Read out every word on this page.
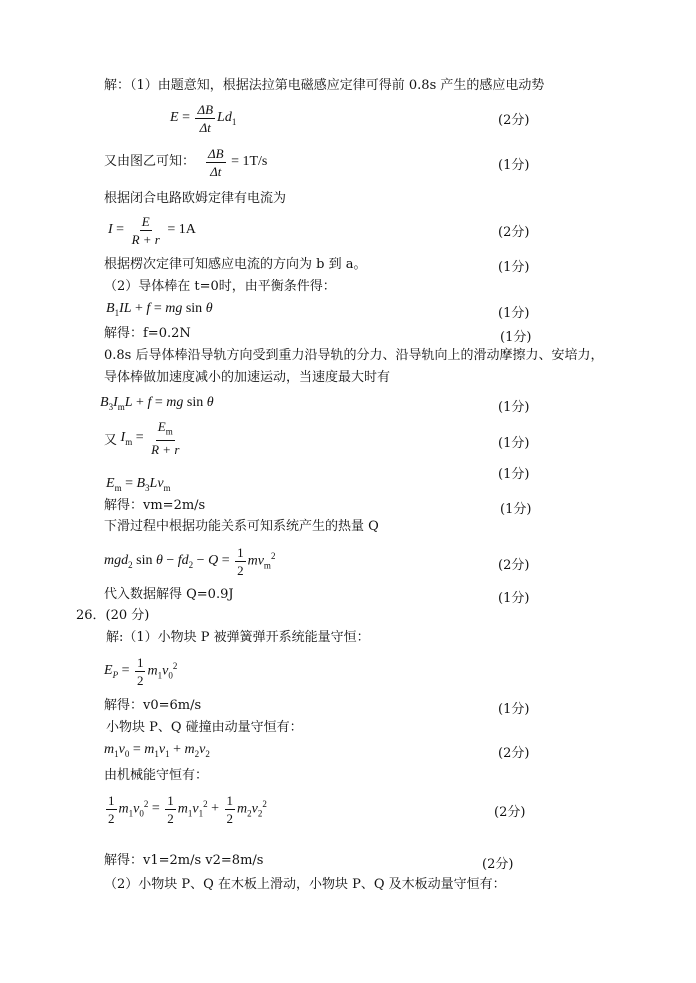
解：（1）由题意知，根据法拉第电磁感应定律可得前 0.8s 产生的感应电动势
$E = \frac{\Delta B}{\Delta t} Ld_1$	(2分)
又由图乙可知： $\frac{\Delta B}{\Delta t} = 1T/s$	(1分)
根据闭合电路欧姆定律有电流为
$I = \frac{E}{R + r} = 1A$	(2分)
根据楞次定律可知感应电流的方向为 b 到 a。	(1分)
（2）导体棒在 t=0时，由平衡条件得：
$B_1IL + f$ = mg sin θ	(1分)
解得：f=0.2N	(1分)
0.8s 后导体棒沿导轨方向受到重力沿导轨的分力、沿导轨向上的滑动摩擦力、安培力，
导体棒做加速度减小的加速运动，当速度最大时有
$B_3I_mL + f$ = mg sin θ	(1分)
又 $I_m = \frac{E_m}{R + r}$	(1分)
(1分)
$E_m = B_3Lv_m$
解得：vm=2m/s	(1分)
下滑过程中根据功能关系可知系统产生的热量 Q
mgd$_2$ $\sin \theta - fd_2 - Q = \frac{1}{2} mv_m^2$
(2分)
代入数据解得 Q=0.9J	(1分)
26．(20 分)
解:（1）小物块 P 被弹簧弹开系统能量守恒：
$E_P = \frac{1}{2} m_1v_0^2$
解得：v0=6m/s	(1分)
小物块 P、Q 碰撞由动量守恒有：
$m_1v_0 = m_1v_1 + m_2v_2$	(2分)
由机械能守恒有：
$\frac{1}{2} m_1v_0^2 = \frac{1}{2} m_1v_1^2 + \frac{1}{2} m_2v_2^2$
(2分)
解得：v1=2m/s v2=8m/s	(2分)
（2）小物块 P、Q 在木板上滑动，小物块 P、Q 及木板动量守恒有：
